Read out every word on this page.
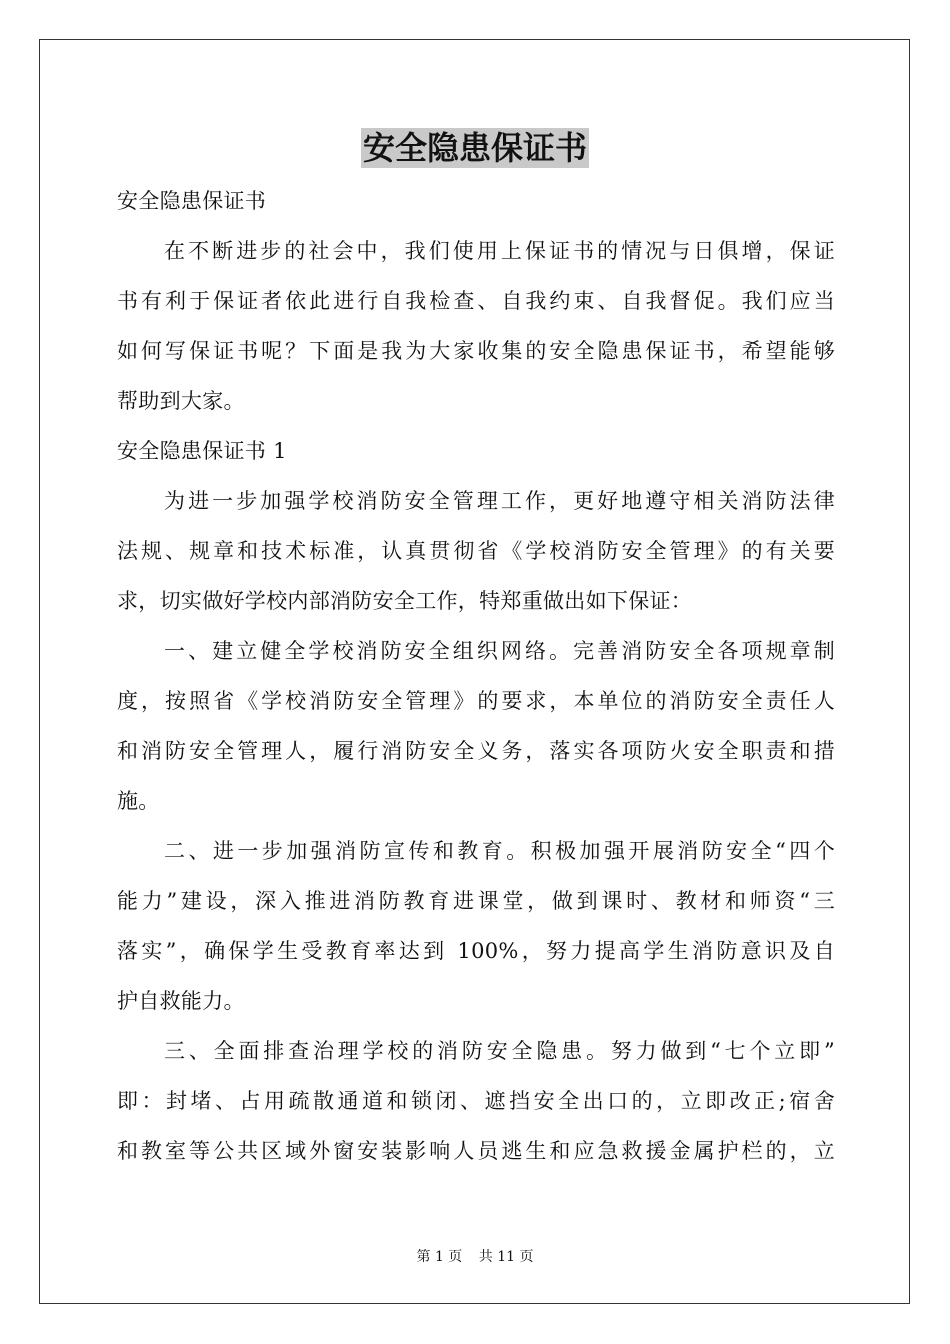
安全隐患保证书
安全隐患保证书
在不断进步的社会中，我们使用上保证书的情况与日俱增，保证
书有利于保证者依此进行自我检查、自我约束、自我督促。我们应当
如何写保证书呢？下面是我为大家收集的安全隐患保证书，希望能够
帮助到大家。
安全隐患保证书 1
为进一步加强学校消防安全管理工作，更好地遵守相关消防法律
法规、规章和技术标准，认真贯彻省《学校消防安全管理》的有关要
求，切实做好学校内部消防安全工作，特郑重做出如下保证：
一、建立健全学校消防安全组织网络。完善消防安全各项规章制
度，按照省《学校消防安全管理》的要求，本单位的消防安全责任人
和消防安全管理人，履行消防安全义务，落实各项防火安全职责和措
施。
二、进一步加强消防宣传和教育。积极加强开展消防安全“四个
能力”建设，深入推进消防教育进课堂，做到课时、教材和师资“三
落实”，确保学生受教育率达到 100%，努力提高学生消防意识及自
护自救能力。
三、全面排查治理学校的消防安全隐患。努力做到“七个立即”
即：封堵、占用疏散通道和锁闭、遮挡安全出口的，立即改正;宿舍
和教室等公共区域外窗安装影响人员逃生和应急救援金属护栏的，立
第 1 页 共 11 页
